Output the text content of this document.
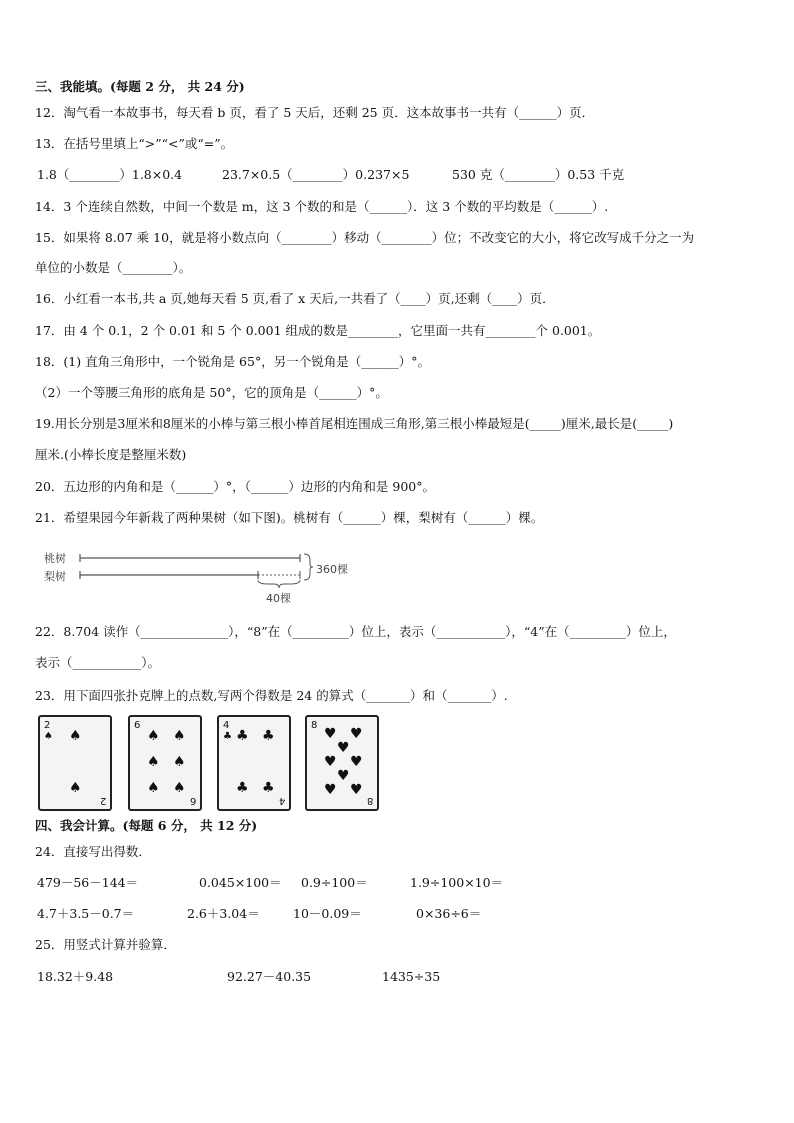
三、我能填。(每题 2 分， 共 24 分)
12．淘气看一本故事书，每天看 b 页，看了 5 天后，还剩 25 页．这本故事书一共有（______）页．
13．在括号里填上“>”“<”或“=”。
1.8（________）1.8×0.4	23.7×0.5（________）0.237×5	530 克（________）0.53 千克
14．3 个连续自然数，中间一个数是 m，这 3 个数的和是（______）．这 3 个数的平均数是（______）.
15．如果将 8.07 乘 10，就是将小数点向（________）移动（________）位；不改变它的大小，将它改写成千分之一为
单位的小数是（________）。
16．小红看一本书,共 a 页,她每天看 5 页,看了 x 天后,一共看了（____）页,还剩（____）页．
17．由 4 个 0.1，2 个 0.01 和 5 个 0.001 组成的数是________，它里面一共有________个 0.001。
18．(1) 直角三角形中，一个锐角是 65°，另一个锐角是（______）°。
（2）一个等腰三角形的底角是 50°，它的顶角是（______）°。
19.用长分别是3厘米和8厘米的小棒与第三根小棒首尾相连围成三角形,第三根小棒最短是(_____)厘米,最长是(_____)
厘米.(小棒长度是整厘米数)
20．五边形的内角和是（______）°，（______）边形的内角和是 900°。
21．希望果园今年新栽了两种果树（如下图)。桃树有（______）棵，梨树有（______）棵。
桃树
梨树
360棵
40棵
22．8.704 读作（______________），“8”在（_________）位上，表示（___________），“4”在（_________）位上，
表示（___________）。
23．用下面四张扑克牌上的点数,写两个得数是 24 的算式（_______）和（_______）.
2
♠ ♠
♠
2
6
♠ ♠
♠ ♠
♠ ♠
6
4
♣ ♣ ♣
♣ ♣
4
8
♥ ♥
♥
♥ ♥
♥
♥ ♥
8
四、我会计算。(每题 6 分， 共 12 分)
24．直接写出得数．
479－56－144＝	0.045×100＝ 0.9÷100＝	1.9÷100×10＝
4.7＋3.5－0.7＝	2.6＋3.04＝	10－0.09＝	0×36÷6＝
25．用竖式计算并验算．
18.32＋9.48	92.27－40.35	1435÷35
